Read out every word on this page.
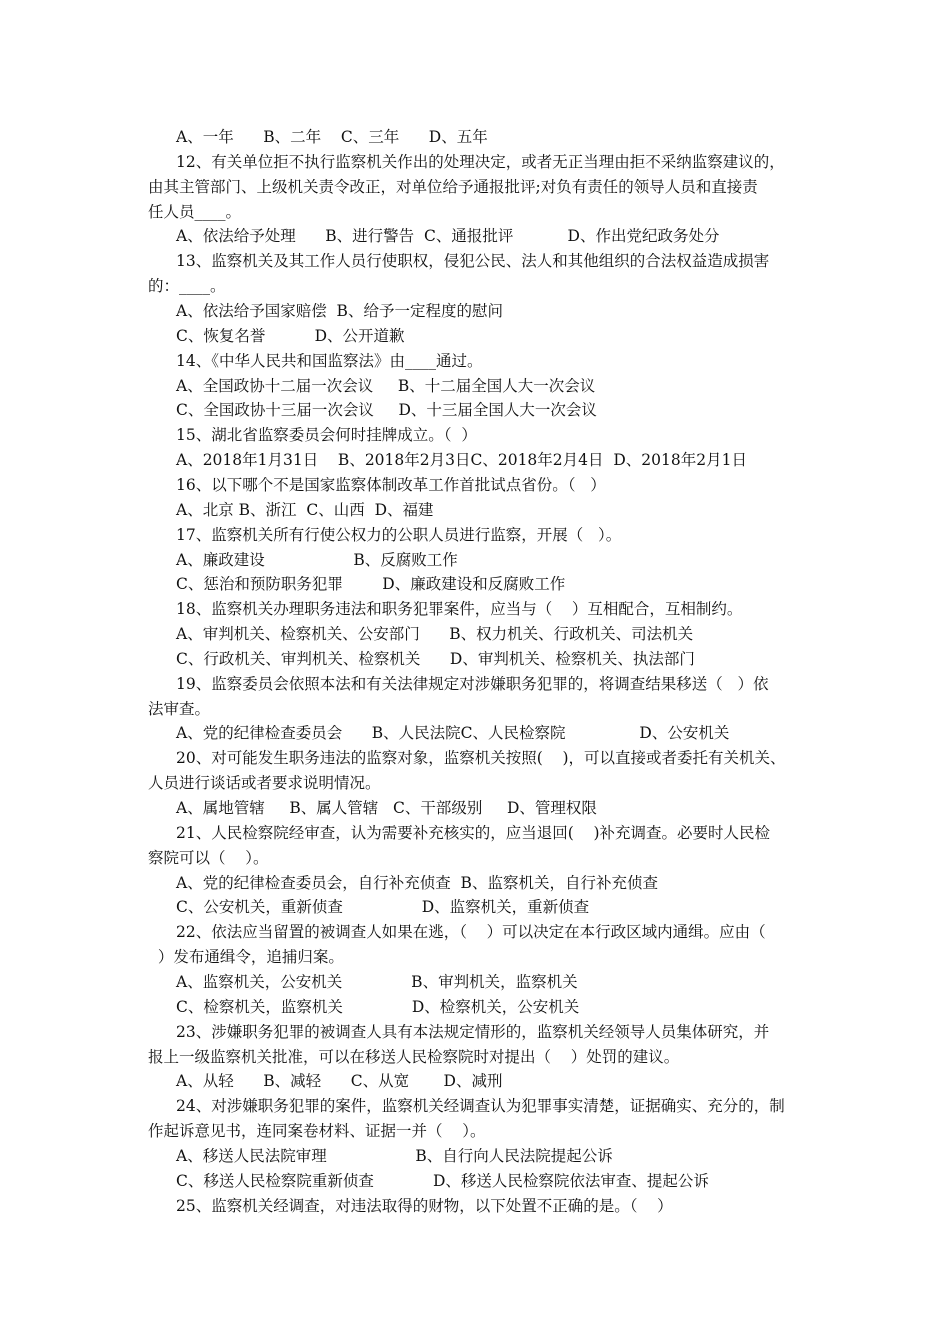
A、一年      B、二年    C、三年      D、五年
12、有关单位拒不执行监察机关作出的处理决定，或者无正当理由拒不采纳监察建议的，
由其主管部门、上级机关责令改正，对单位给予通报批评;对负有责任的领导人员和直接责
任人员____。
A、依法给予处理      B、进行警告  C、通报批评           D、作出党纪政务处分
13、监察机关及其工作人员行使职权，侵犯公民、法人和其他组织的合法权益造成损害
的：____。
A、依法给予国家赔偿  B、给予一定程度的慰问
C、恢复名誉          D、公开道歉
14、《中华人民共和国监察法》由____通过。
A、全国政协十二届一次会议     B、十二届全国人大一次会议
C、全国政协十三届一次会议     D、十三届全国人大一次会议
15、湖北省监察委员会何时挂牌成立。（  ）
A、2018年1月31日    B、2018年2月3日C、2018年2月4日  D、2018年2月1日
16、以下哪个不是国家监察体制改革工作首批试点省份。（   ）
A、北京 B、浙江  C、山西  D、福建
17、监察机关所有行使公权力的公职人员进行监察，开展（   ）。
A、廉政建设                  B、反腐败工作
C、惩治和预防职务犯罪        D、廉政建设和反腐败工作
18、监察机关办理职务违法和职务犯罪案件，应当与（    ）互相配合，互相制约。
A、审判机关、检察机关、公安部门      B、权力机关、行政机关、司法机关
C、行政机关、审判机关、检察机关      D、审判机关、检察机关、执法部门
19、监察委员会依照本法和有关法律规定对涉嫌职务犯罪的，将调查结果移送（   ）依
法审查。
A、党的纪律检查委员会      B、人民法院C、人民检察院               D、公安机关
20、对可能发生职务违法的监察对象，监察机关按照(    )，可以直接或者委托有关机关、
人员进行谈话或者要求说明情况。
A、属地管辖     B、属人管辖   C、干部级别     D、管理权限
21、人民检察院经审查，认为需要补充核实的，应当退回(    )补充调查。必要时人民检
察院可以（    ）。
A、党的纪律检查委员会，自行补充侦查  B、监察机关，自行补充侦查
C、公安机关，重新侦查                D、监察机关，重新侦查
22、依法应当留置的被调查人如果在逃，（    ）可以决定在本行政区域内通缉。应由（
）发布通缉令，追捕归案。
A、监察机关，公安机关              B、审判机关，监察机关
C、检察机关，监察机关              D、检察机关，公安机关
23、涉嫌职务犯罪的被调查人具有本法规定情形的，监察机关经领导人员集体研究，并
报上一级监察机关批准，可以在移送人民检察院时对提出（    ）处罚的建议。
A、从轻      B、减轻      C、从宽       D、减刑
24、对涉嫌职务犯罪的案件，监察机关经调查认为犯罪事实清楚，证据确实、充分的，制
作起诉意见书，连同案卷材料、证据一并（    ）。
A、移送人民法院审理                  B、自行向人民法院提起公诉
C、移送人民检察院重新侦查            D、移送人民检察院依法审查、提起公诉
25、监察机关经调查，对违法取得的财物，以下处置不正确的是。（    ）
